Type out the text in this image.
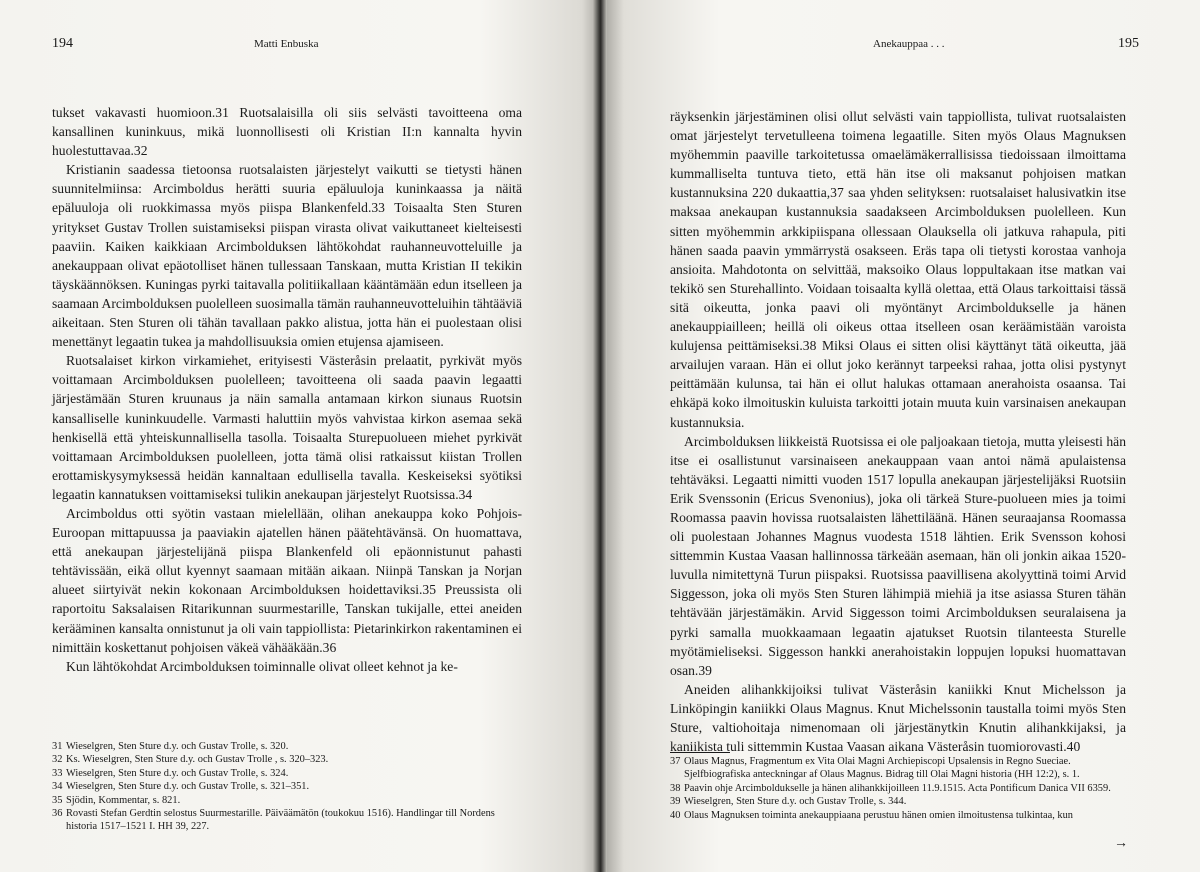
194	Matti Enbuska

tukset vakavasti huomioon.31 Ruotsalaisilla oli siis selvästi tavoitteena oma kansallinen kuninkuus, mikä luonnollisesti oli Kristian II:n kannalta hyvin huolestuttavaa.32

Kristianin saadessa tietoonsa ruotsalaisten järjestelyt vaikutti se tietysti hänen suunnitelmiinsa: Arcimboldus herätti suuria epäluuloja kuninkaassa ja näitä epäluuloja oli ruokkimassa myös piispa Blankenfeld.33 Toisaalta Sten Sturen yritykset Gustav Trollen suistamiseksi piispan virasta olivat vaikuttaneet kielteisesti paaviin. Kaiken kaikkiaan Arcimbolduksen lähtökohdat rauhanneuvotteluille ja anekauppaan olivat epäotolliset hänen tullessaan Tanskaan, mutta Kristian II tekikin täyskäännöksen. Kuningas pyrki taitavalla politiikallaan kääntämään edun itselleen ja saamaan Arcimbolduksen puolelleen suosimalla tämän rauhanneuvotteluihin tähtääviä aikeitaan. Sten Sturen oli tähän tavallaan pakko alistua, jotta hän ei puolestaan olisi menettänyt legaatin tukea ja mahdollisuuksia omien etujensa ajamiseen.

Ruotsalaiset kirkon virkamiehet, erityisesti Västeråsin prelaatit, pyrkivät myös voittamaan Arcimbolduksen puolelleen; tavoitteena oli saada paavin legaatti järjestämään Sturen kruunaus ja näin samalla antamaan kirkon siunaus Ruotsin kansalliselle kuninkuudelle. Varmasti haluttiin myös vahvistaa kirkon asemaa sekä henkisellä että yhteiskunnallisella tasolla. Toisaalta Sturepuolueen miehet pyrkivät voittamaan Arcimbolduksen puolelleen, jotta tämä olisi ratkaissut kiistan Trollen erottamiskysymyksessä heidän kannaltaan edullisella tavalla. Keskeiseksi syötiksi legaatin kannatuksen voittamiseksi tulikin anekaupan järjestelyt Ruotsissa.34

Arcimboldus otti syötin vastaan mielellään, olihan anekauppa koko Pohjois-Euroopan mittapuussa ja paaviakin ajatellen hänen päätehtävänsä. On huomattava, että anekaupan järjestelijänä piispa Blankenfeld oli epäonnistunut pahasti tehtävissään, eikä ollut kyennyt saamaan mitään aikaan. Niinpä Tanskan ja Norjan alueet siirtyivät nekin kokonaan Arcimbolduksen hoidettaviksi.35 Preussista oli raportoitu Saksalaisen Ritarikunnan suurmestarille, Tanskan tukijalle, ettei aneiden kerääminen kansalta onnistunut ja oli vain tappiollista: Pietarinkirkon rakentaminen ei nimittäin koskettanut pohjoisen väkeä vähääkään.36

Kun lähtökohdat Arcimbolduksen toiminnalle olivat olleet kehnot ja ke-

31 Wieselgren, Sten Sture d.y. och Gustav Trolle, s. 320.
32 Ks. Wieselgren, Sten Sture d.y. och Gustav Trolle , s. 320–323.
33 Wieselgren, Sten Sture d.y. och Gustav Trolle, s. 324.
34 Wieselgren, Sten Sture d.y. och Gustav Trolle, s. 321–351.
35 Sjödin, Kommentar, s. 821.
36 Rovasti Stefan Gerdtin selostus Suurmestarille. Päiväämätön (toukokuu 1516). Handlingar till Nordens historia 1517–1521 I. HH 39, 227.
Anekauppaa . . .	195

räyksenkin järjestäminen olisi ollut selvästi vain tappiollista, tulivat ruotsalaisten omat järjestelyt tervetulleena toimena legaatille. Siten myös Olaus Magnuksen myöhemmin paaville tarkoitetussa omaelämäkerrallisissa tiedoissaan ilmoittama kummalliselta tuntuva tieto, että hän itse oli maksanut pohjoisen matkan kustannuksina 220 dukaattia,37 saa yhden selityksen: ruotsalaiset halusivatkin itse maksaa anekaupan kustannuksia saadakseen Arcimbolduksen puolelleen. Kun sitten myöhemmin arkkipiispana ollessaan Olauksella oli jatkuva rahapula, piti hänen saada paavin ymmärrystä osakseen. Eräs tapa oli tietysti korostaa vanhoja ansioita. Mahdotonta on selvittää, maksoiko Olaus loppultakaan itse matkan vai tekikö sen Sturehallinto. Voidaan toisaalta kyllä olettaa, että Olaus tarkoittaisi tässä sitä oikeutta, jonka paavi oli myöntänyt Arcimboldukselle ja hänen anekauppiailleen; heillä oli oikeus ottaa itselleen osan keräämistään varoista kulujensa peittämiseksi.38 Miksi Olaus ei sitten olisi käyttänyt tätä oikeutta, jää arvailujen varaan. Hän ei ollut joko kerännyt tarpeeksi rahaa, jotta olisi pystynyt peittämään kulunsa, tai hän ei ollut halukas ottamaan anerahoista osaansa. Tai ehkäpä koko ilmoituskin kuluista tarkoitti jotain muuta kuin varsinaisen anekaupan kustannuksia.

Arcimbolduksen liikkeistä Ruotsissa ei ole paljoakaan tietoja, mutta yleisesti hän itse ei osallistunut varsinaiseen anekauppaan vaan antoi nämä apulaistensa tehtäväksi. Legaatti nimitti vuoden 1517 lopulla anekaupan järjestelijäksi Ruotsiin Erik Svenssonin (Ericus Svenonius), joka oli tärkeä Sture-puolueen mies ja toimi Roomassa paavin hovissa ruotsalaisten lähettiläänä. Hänen seuraajansa Roomassa oli puolestaan Johannes Magnus vuodesta 1518 lähtien. Erik Svensson kohosi sittemmin Kustaa Vaasan hallinnossa tärkeään asemaan, hän oli jonkin aikaa 1520-luvulla nimitettynä Turun piispaksi. Ruotsissa paavillisena akolyyttinä toimi Arvid Siggesson, joka oli myös Sten Sturen lähimpiä miehiä ja itse asiassa Sturen tähän tehtävään järjestämäkin. Arvid Siggesson toimi Arcimbolduksen seuralaisena ja pyrki samalla muokkaamaan legaatin ajatukset Ruotsin tilanteesta Sturelle myötämieliseksi. Siggesson hankki anerahoistakin loppujen lopuksi huomattavan osan.39

Aneiden alihankkijoiksi tulivat Västeråsin kaniikki Knut Michelsson ja Linköpingin kaniikki Olaus Magnus. Knut Michelssonin taustalla toimi myös Sten Sture, valtiohoitaja nimenomaan oli järjestänytkin Knutin alihankkijaksi, ja kaniikista tuli sittemmin Kustaa Vaasan aikana Västeråsin tuomiorovasti.40

37 Olaus Magnus, Fragmentum ex Vita Olai Magni Archiepiscopi Upsalensis in Regno Sueciae. Sjelfbiografiska anteckningar af Olaus Magnus. Bidrag till Olai Magni historia (HH 12:2), s. 1.
38 Paavin ohje Arcimboldukselle ja hänen alihankkijoilleen 11.9.1515. Acta Pontificum Danica VII 6359.
39 Wieselgren, Sten Sture d.y. och Gustav Trolle, s. 344.
40 Olaus Magnuksen toiminta anekauppiaana perustuu hänen omien ilmoitustensa tulkintaa, kun
→
